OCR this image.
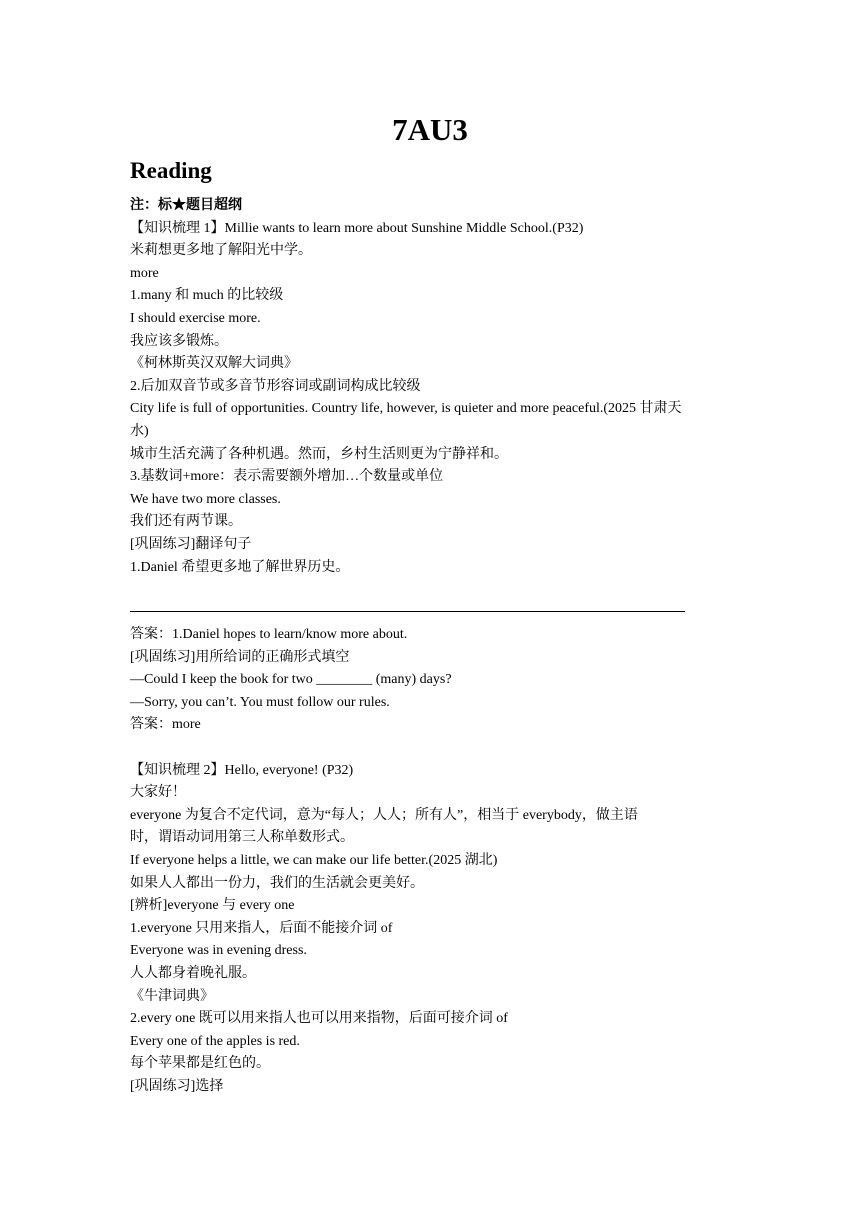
7AU3
Reading
注：标★题目超纲
【知识梳理 1】Millie wants to learn more about Sunshine Middle School.(P32)
米莉想更多地了解阳光中学。
more
1.many 和 much 的比较级
I should exercise more.
我应该多锻炼。
《柯林斯英汉双解大词典》
2.后加双音节或多音节形容词或副词构成比较级
City life is full of opportunities. Country life, however, is quieter and more peaceful.(2025 甘肃天
水)
城市生活充满了各种机遇。然而，乡村生活则更为宁静祥和。
3.基数词+more：表示需要额外增加…个数量或单位
We have two more classes.
我们还有两节课。
[巩固练习]翻译句子
1.Daniel 希望更多地了解世界历史。
答案：1.Daniel hopes to learn/know more about.
[巩固练习]用所给词的正确形式填空
—Could I keep the book for two ________ (many) days?
—Sorry, you can’t. You must follow our rules.
答案：more
【知识梳理 2】Hello, everyone! (P32)
大家好！
everyone 为复合不定代词，意为“每人；人人；所有人”，相当于 everybody，做主语
时，谓语动词用第三人称单数形式。
If everyone helps a little, we can make our life better.(2025 湖北)
如果人人都出一份力，我们的生活就会更美好。
[辨析]everyone 与 every one
1.everyone 只用来指人，后面不能接介词 of
Everyone was in evening dress.
人人都身着晚礼服。
《牛津词典》
2.every one 既可以用来指人也可以用来指物，后面可接介词 of
Every one of the apples is red.
每个苹果都是红色的。
[巩固练习]选择
